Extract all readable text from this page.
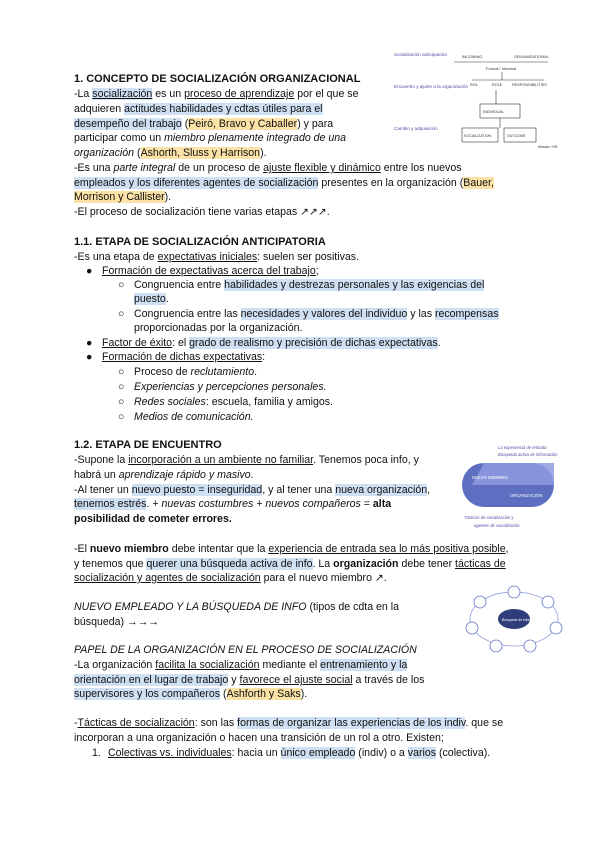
1. CONCEPTO DE SOCIALIZACIÓN ORGANIZACIONAL
-La socialización es un proceso de aprendizaje por el que se
adquieren actitudes habilidades y cdtas útiles para el
desempeño del trabajo (Peiró, Bravo y Caballer) y para
participar como un miembro plenamente integrado de una
organización (Ashorth, Sluss y Harrison).
-Es una parte integral de un proceso de ajuste flexible y dinámico entre los nuevos
empleados y los diferentes agentes de socialización presentes en la organización (Bauer,
Morrison y Callister).
-El proceso de socialización tiene varias etapas ↗↗↗.
Socialización anticipatoria
Encuentro y ajuste a la organización
Cambio y adquisición
INCOMING	ORGANIZATIONAL
Formal / Informal
ROL	ROLE	RESPONSIBILITIES
INDIVIDUAL
SOCIALIZATION	OUTCOME
Mosaic / HR
1.1. ETAPA DE SOCIALIZACIÓN ANTICIPATORIA
-Es una etapa de expectativas iniciales: suelen ser positivas.
● Formación de expectativas acerca del trabajo;
○ Congruencia entre habilidades y destrezas personales y las exigencias del
puesto.
○ Congruencia entre las necesidades y valores del individuo y las recompensas
proporcionadas por la organización.
● Factor de éxito: el grado de realismo y precisión de dichas expectativas.
● Formación de dichas expectativas:
○ Proceso de reclutamiento.
○ Experiencias y percepciones personales.
○ Redes sociales: escuela, familia y amigos.
○ Medios de comunicación.
1.2. ETAPA DE ENCUENTRO
-Supone la incorporación a un ambiente no familiar. Tenemos poca info, y
habrá un aprendizaje rápido y masivo.
-Al tener un nuevo puesto = inseguridad, y al tener una nueva organización,
tenemos estrés. + nuevas costumbres + nuevos compañeros = alta
posibilidad de cometer errores.
La experiencia de entrada
Búsqueda activa de información
NUEVO MIEMBRO
ORGANIZACIÓN
Tácticas de socialización y
agentes de socialización
-El nuevo miembro debe intentar que la experiencia de entrada sea lo más positiva posible,
y tenemos que querer una búsqueda activa de info. La organización debe tener tácticas de
socialización y agentes de socialización para el nuevo miembro ↗.
NUEVO EMPLEADO Y LA BÚSQUEDA DE INFO (tipos de cdta en la
búsqueda) →→→	Búsqueda de información
PAPEL DE LA ORGANIZACIÓN EN EL PROCESO DE SOCIALIZACIÓN
-La organización facilita la socialización mediante el entrenamiento y la
orientación en el lugar de trabajo y favorece el ajuste social a través de los
supervisores y los compañeros (Ashforth y Saks).
-Tácticas de socialización: son las formas de organizar las experiencias de los indiv. que se
incorporan a una organización o hacen una transición de un rol a otro. Existen;
1. Colectivas vs. individuales: hacia un único empleado (indiv) o a varios (colectiva).
